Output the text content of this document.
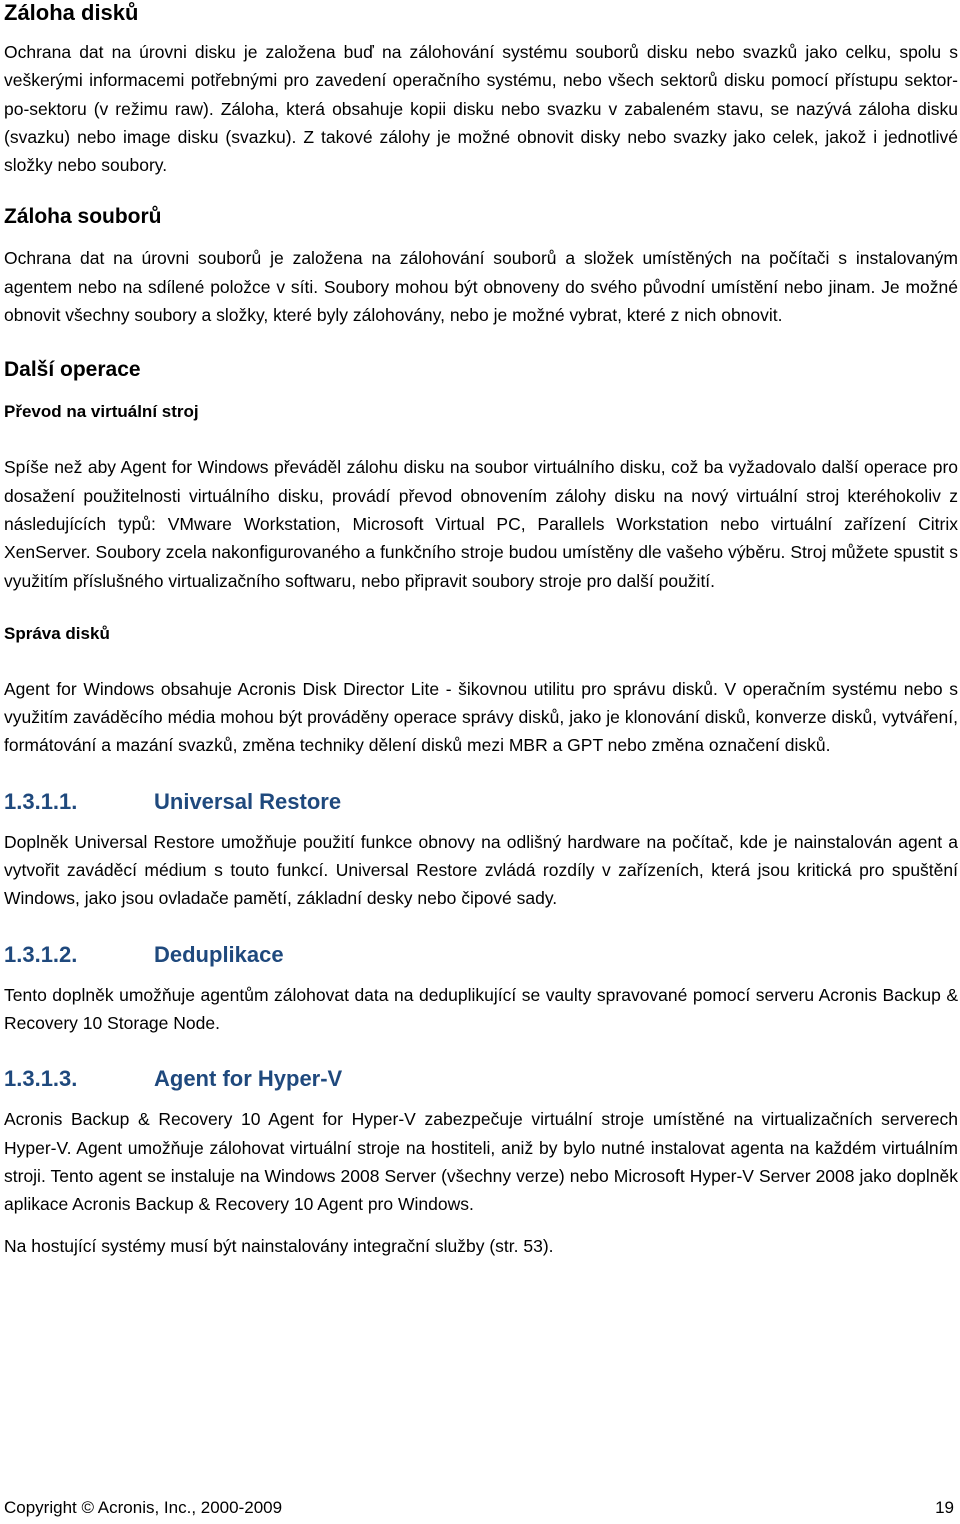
Záloha disků

Ochrana dat na úrovni disku je založena buď na zálohování systému souborů disku nebo svazků jako celku, spolu s veškerými informacemi potřebnými pro zavedení operačního systému, nebo všech sektorů disku pomocí přístupu sektor-po-sektoru (v režimu raw). Záloha, která obsahuje kopii disku nebo svazku v zabaleném stavu, se nazývá záloha disku (svazku) nebo image disku (svazku). Z takové zálohy je možné obnovit disky nebo svazky jako celek, jakož i jednotlivé složky nebo soubory.

Záloha souborů

Ochrana dat na úrovni souborů je založena na zálohování souborů a složek umístěných na počítači s instalovaným agentem nebo na sdílené položce v síti. Soubory mohou být obnoveny do svého původní umístění nebo jinam. Je možné obnovit všechny soubory a složky, které byly zálohovány, nebo je možné vybrat, které z nich obnovit.

Další operace
Převod na virtuální stroj

Spíše než aby Agent for Windows převáděl zálohu disku na soubor virtuálního disku, což ba vyžadovalo další operace pro dosažení použitelnosti virtuálního disku, provádí převod obnovením zálohy disku na nový virtuální stroj kteréhokoliv z následujících typů: VMware Workstation, Microsoft Virtual PC, Parallels Workstation nebo virtuální zařízení Citrix XenServer. Soubory zcela nakonfigurovaného a funkčního stroje budou umístěny dle vašeho výběru. Stroj můžete spustit s využitím příslušného virtualizačního softwaru, nebo připravit soubory stroje pro další použití.

Správa disků

Agent for Windows obsahuje Acronis Disk Director Lite - šikovnou utilitu pro správu disků. V operačním systému nebo s využitím zaváděcího média mohou být prováděny operace správy disků, jako je klonování disků, konverze disků, vytváření, formátování a mazání svazků, změna techniky dělení disků mezi MBR a GPT nebo změna označení disků.

1.3.1.1.	Universal Restore

Doplněk Universal Restore umožňuje použití funkce obnovy na odlišný hardware na počítač, kde je nainstalován agent a vytvořit zaváděcí médium s touto funkcí. Universal Restore zvládá rozdíly v zařízeních, která jsou kritická pro spuštění Windows, jako jsou ovladače pamětí, základní desky nebo čipové sady.

1.3.1.2.	Deduplikace

Tento doplněk umožňuje agentům zálohovat data na deduplikující se vaulty spravované pomocí serveru Acronis Backup & Recovery 10 Storage Node.

1.3.1.3.	Agent for Hyper-V

Acronis Backup & Recovery 10 Agent for Hyper-V zabezpečuje virtuální stroje umístěné na virtualizačních serverech Hyper-V. Agent umožňuje zálohovat virtuální stroje na hostiteli, aniž by bylo nutné instalovat agenta na každém virtuálním stroji. Tento agent se instaluje na Windows 2008 Server (všechny verze) nebo Microsoft Hyper-V Server 2008 jako doplněk aplikace Acronis Backup & Recovery 10 Agent pro Windows.

Na hostující systémy musí být nainstalovány integrační služby (str. 53).

Copyright © Acronis, Inc., 2000-2009	19
